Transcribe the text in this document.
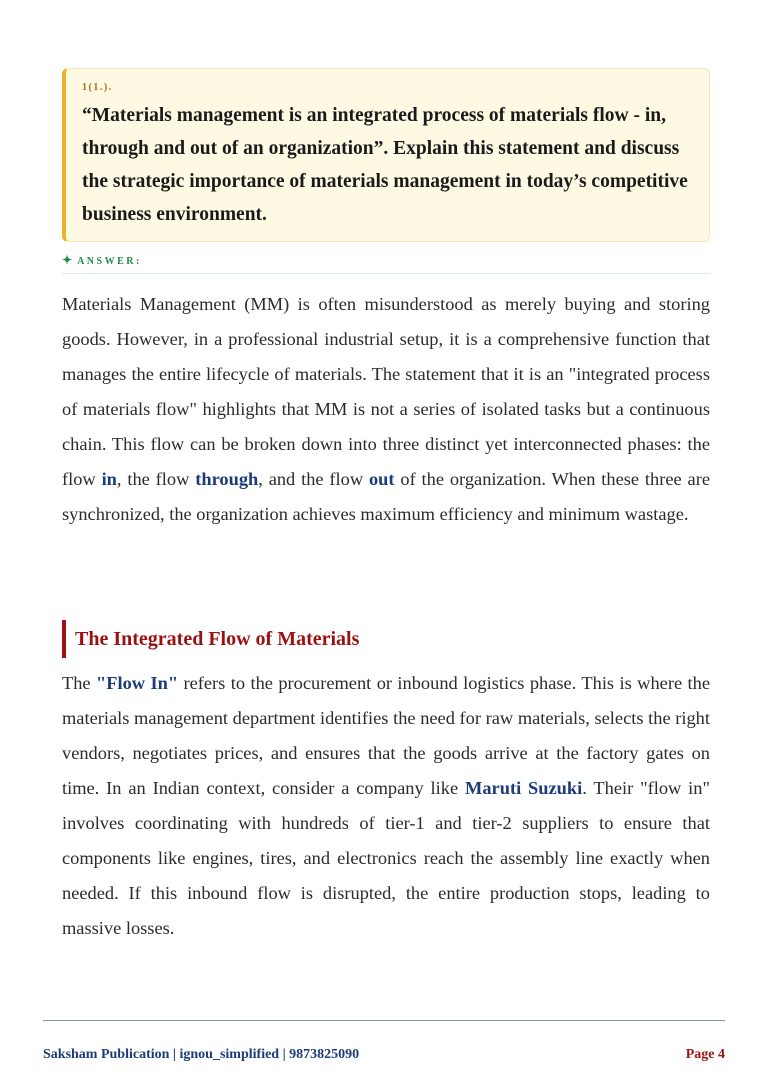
1(1.).

“Materials management is an integrated process of materials flow - in, through and out of an organization”. Explain this statement and discuss the strategic importance of materials management in today’s competitive business environment.

✦ ANSWER:

Materials Management (MM) is often misunderstood as merely buying and storing goods. However, in a professional industrial setup, it is a comprehensive function that manages the entire lifecycle of materials. The statement that it is an "integrated process of materials flow" highlights that MM is not a series of isolated tasks but a continuous chain. This flow can be broken down into three distinct yet interconnected phases: the flow in, the flow through, and the flow out of the organization. When these three are synchronized, the organization achieves maximum efficiency and minimum wastage.

The Integrated Flow of Materials

The "Flow In" refers to the procurement or inbound logistics phase. This is where the materials management department identifies the need for raw materials, selects the right vendors, negotiates prices, and ensures that the goods arrive at the factory gates on time. In an Indian context, consider a company like Maruti Suzuki. Their "flow in" involves coordinating with hundreds of tier-1 and tier-2 suppliers to ensure that components like engines, tires, and electronics reach the assembly line exactly when needed. If this inbound flow is disrupted, the entire production stops, leading to massive losses.

Saksham Publication | ignou_simplified | 9873825090	Page 4
